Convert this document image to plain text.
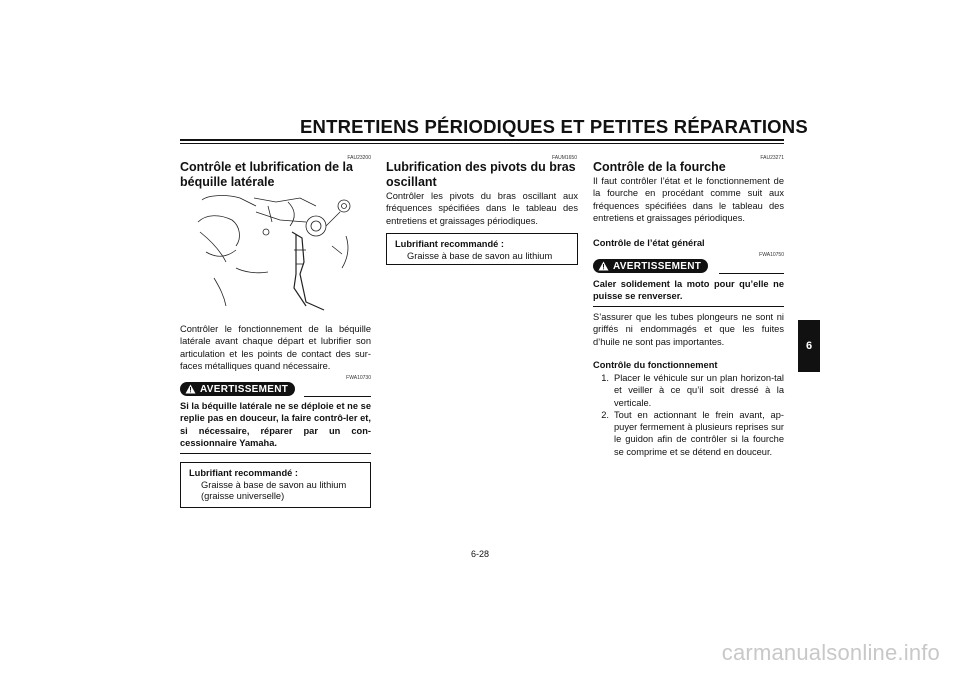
ENTRETIENS PÉRIODIQUES ET PETITES RÉPARATIONS
FAU23200
Contrôle et lubrification de la béquille latérale

Contrôler le fonctionnement de la béquille latérale avant chaque départ et lubrifier son articulation et les points de contact des sur-faces métalliques quand nécessaire.

AVERTISSEMENT
FWA10730

Si la béquille latérale ne se déploie et ne se replie pas en douceur, la faire contrô-ler et, si nécessaire, réparer par un con-cessionnaire Yamaha.

Lubrifiant recommandé :
Graisse à base de savon au lithium
(graisse universelle)
FAUM1650
Lubrification des pivots du bras oscillant

Contrôler les pivots du bras oscillant aux fréquences spécifiées dans le tableau des entretiens et graissages périodiques.

Lubrifiant recommandé :
Graisse à base de savon au lithium
FAU23271
Contrôle de la fourche

Il faut contrôler l’état et le fonctionnement de la fourche en procédant comme suit aux fréquences spécifiées dans le tableau des entretiens et graissages périodiques.

Contrôle de l’état général
AVERTISSEMENT
FWA10750

Caler solidement la moto pour qu’elle ne puisse se renverser.

S’assurer que les tubes plongeurs ne sont ni griffés ni endommagés et que les fuites d’huile ne sont pas importantes.

Contrôle du fonctionnement
1. Placer le véhicule sur un plan horizon-tal et veiller à ce qu’il soit dressé à la verticale.
2. Tout en actionnant le frein avant, ap-puyer fermement à plusieurs reprises sur le guidon afin de contrôler si la fourche se comprime et se détend en douceur.
6
6-28
carmanualsonline.info
